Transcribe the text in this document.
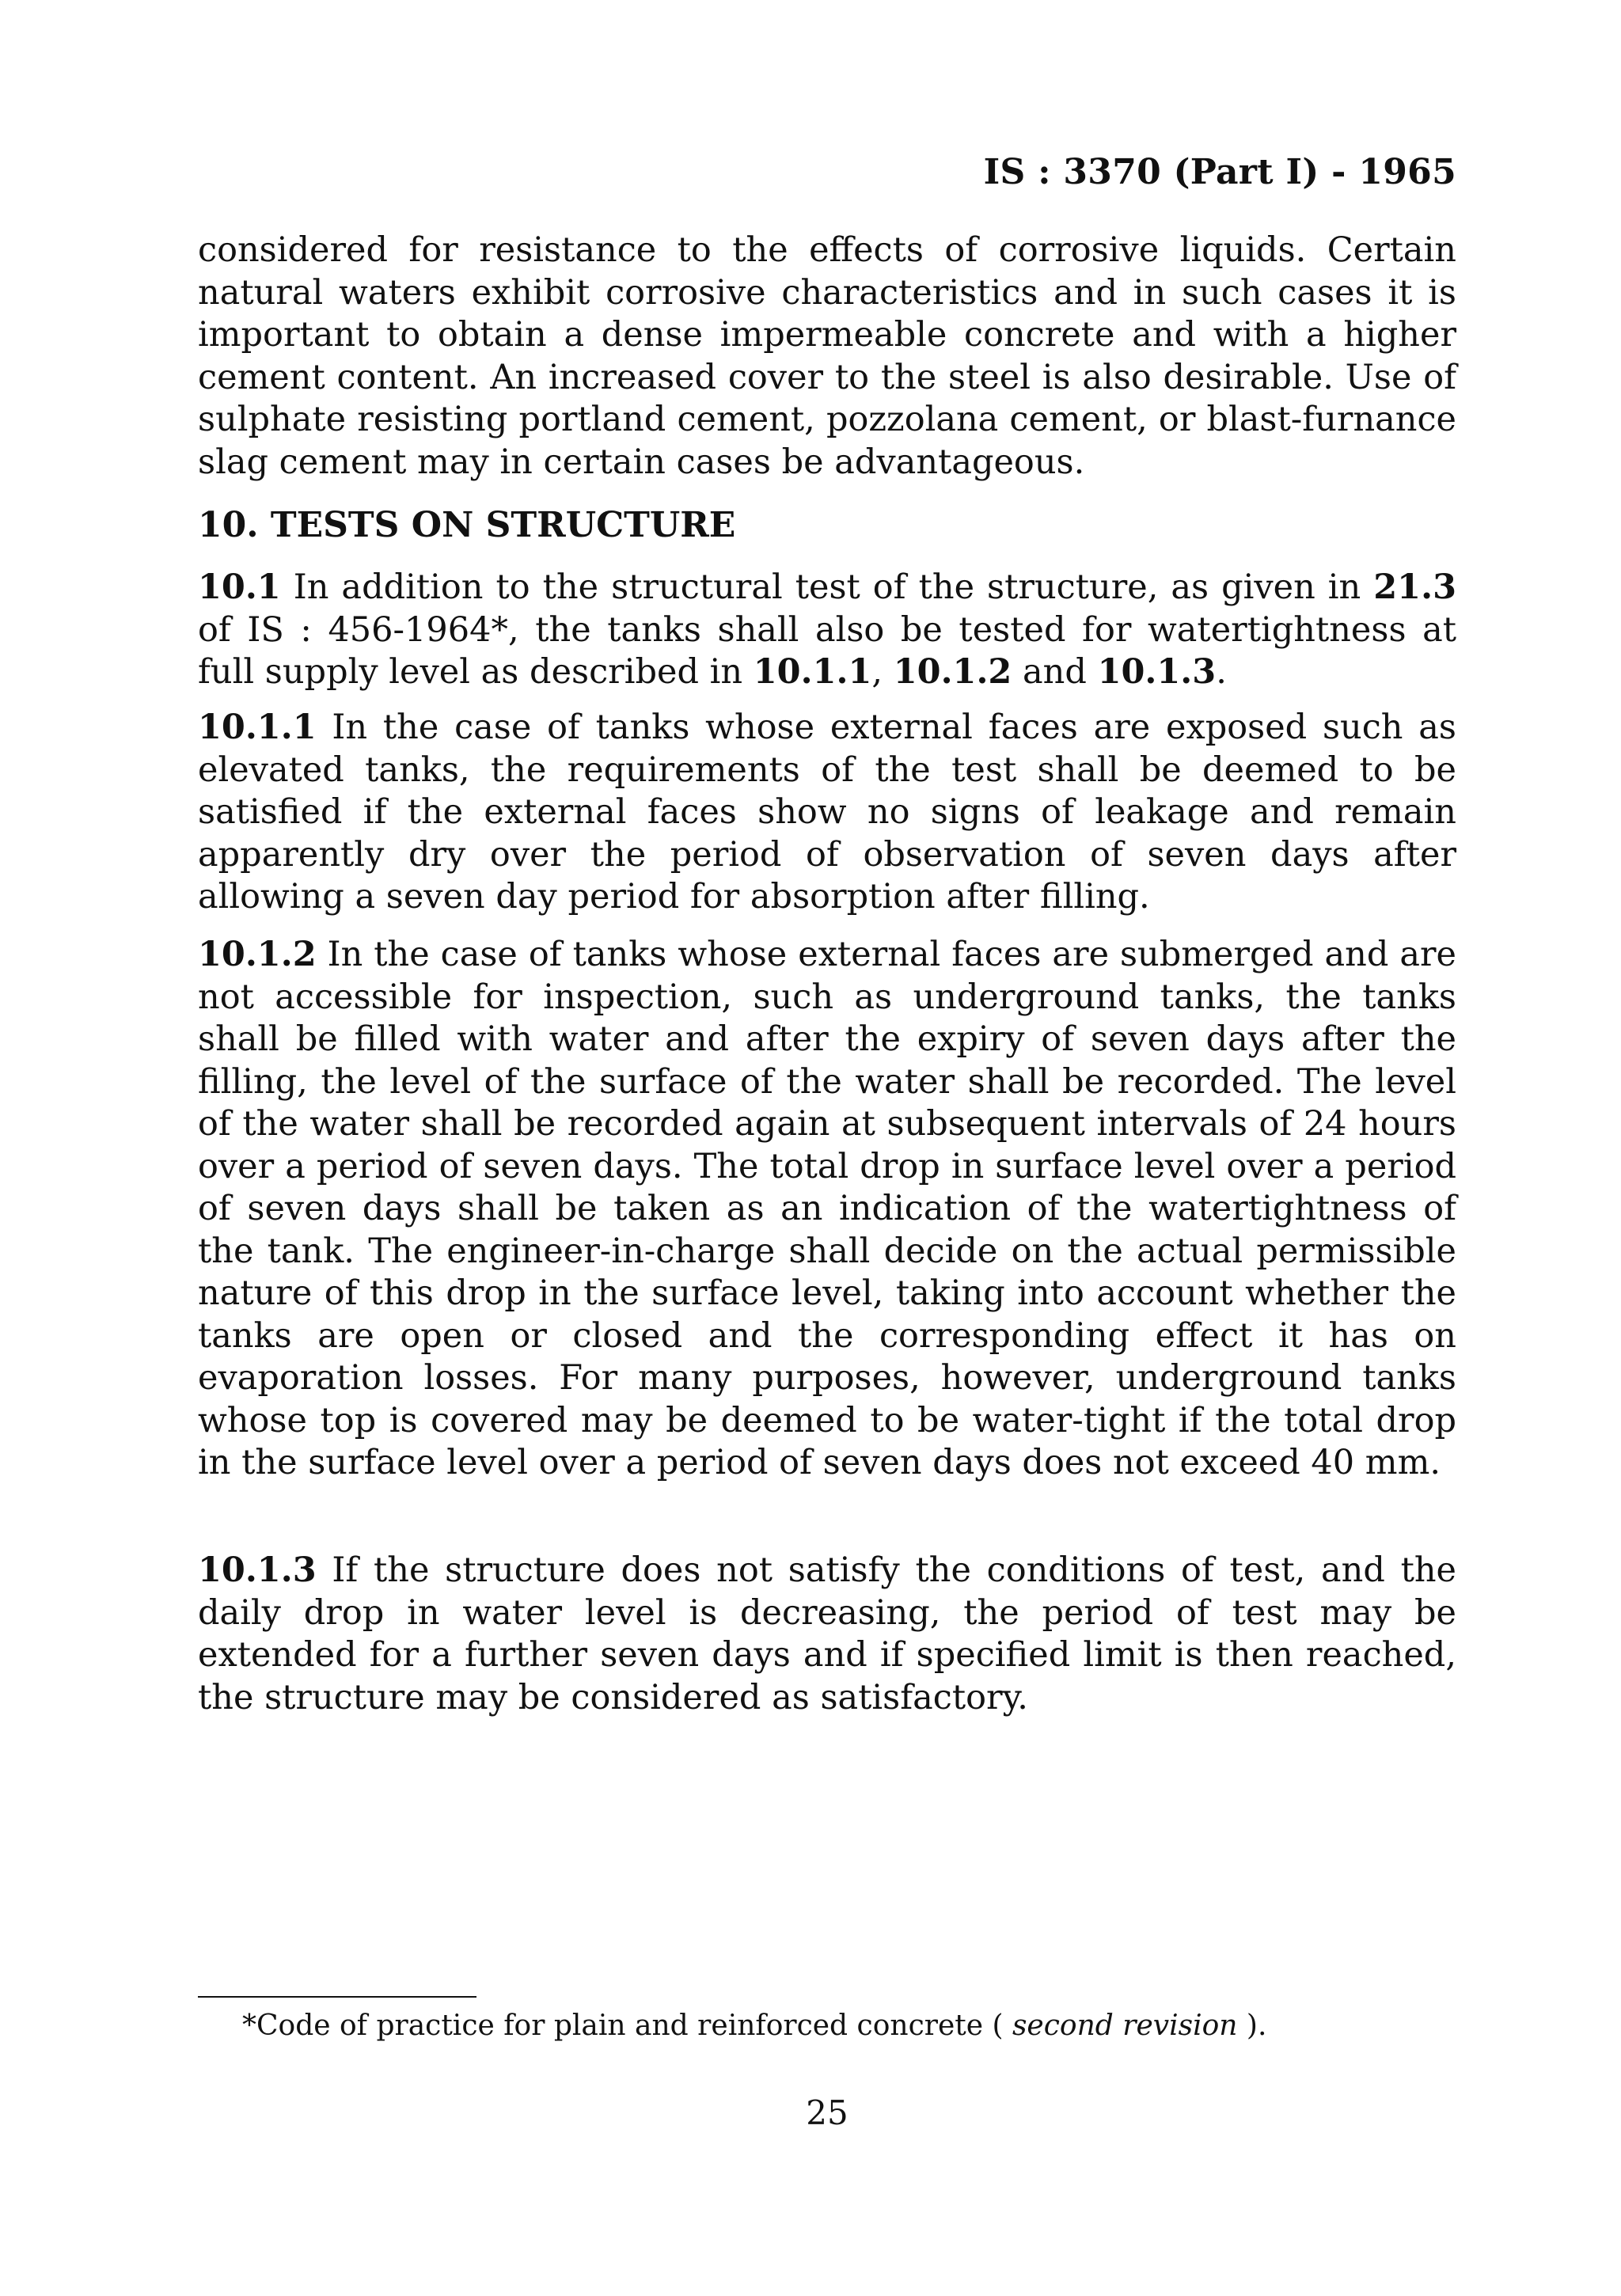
IS : 3370 (Part I) - 1965

considered for resistance to the effects of corrosive liquids. Certain natural waters exhibit corrosive characteristics and in such cases it is important to obtain a dense impermeable concrete and with a higher cement content. An increased cover to the steel is also desirable. Use of sulphate resisting portland cement, pozzolana cement, or blast-furnance slag cement may in certain cases be advantageous.

10. TESTS ON STRUCTURE

10.1 In addition to the structural test of the structure, as given in 21.3 of IS : 456-1964*, the tanks shall also be tested for watertightness at full supply level as described in 10.1.1, 10.1.2 and 10.1.3.

10.1.1 In the case of tanks whose external faces are exposed such as elevated tanks, the requirements of the test shall be deemed to be satisfied if the external faces show no signs of leakage and remain apparently dry over the period of observation of seven days after allowing a seven day period for absorption after filling.

10.1.2 In the case of tanks whose external faces are submerged and are not accessible for inspection, such as underground tanks, the tanks shall be filled with water and after the expiry of seven days after the filling, the level of the surface of the water shall be recorded. The level of the water shall be recorded again at subsequent intervals of 24 hours over a period of seven days. The total drop in surface level over a period of seven days shall be taken as an indication of the watertightness of the tank. The engineer-in-charge shall decide on the actual permissible nature of this drop in the surface level, taking into account whether the tanks are open or closed and the corresponding effect it has on evaporation losses. For many purposes, however, underground tanks whose top is covered may be deemed to be water-tight if the total drop in the surface level over a period of seven days does not exceed 40 mm.

10.1.3 If the structure does not satisfy the conditions of test, and the daily drop in water level is decreasing, the period of test may be extended for a further seven days and if specified limit is then reached, the structure may be considered as satisfactory.

*Code of practice for plain and reinforced concrete ( second revision ).

25
